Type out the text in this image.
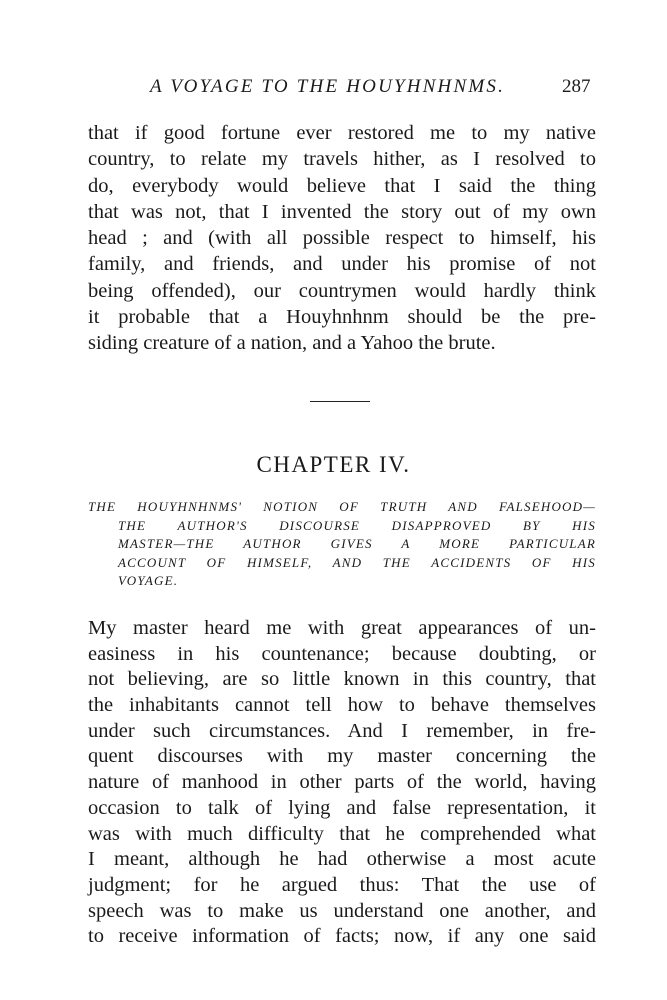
A VOYAGE TO THE HOUYHNHNMS.	287
that if good fortune ever restored me to my native
country, to relate my travels hither, as I resolved to
do, everybody would believe that I said the thing
that was not, that I invented the story out of my own
head ; and (with all possible respect to himself, his
family, and friends, and under his promise of not
being offended), our countrymen would hardly think
it probable that a Houyhnhnm should be the pre-
siding creature of a nation, and a Yahoo the brute.
CHAPTER IV.
THE HOUYHNHNMS' NOTION OF TRUTH AND FALSEHOOD—
THE AUTHOR'S DISCOURSE DISAPPROVED BY HIS
MASTER—THE AUTHOR GIVES A MORE PARTICULAR
ACCOUNT OF HIMSELF, AND THE ACCIDENTS OF HIS
VOYAGE.
My master heard me with great appearances of un-
easiness in his countenance; because doubting, or
not believing, are so little known in this country, that
the inhabitants cannot tell how to behave themselves
under such circumstances. And I remember, in fre-
quent discourses with my master concerning the
nature of manhood in other parts of the world, having
occasion to talk of lying and false representation, it
was with much difficulty that he comprehended what
I meant, although he had otherwise a most acute
judgment; for he argued thus: That the use of
speech was to make us understand one another, and
to receive information of facts; now, if any one said
